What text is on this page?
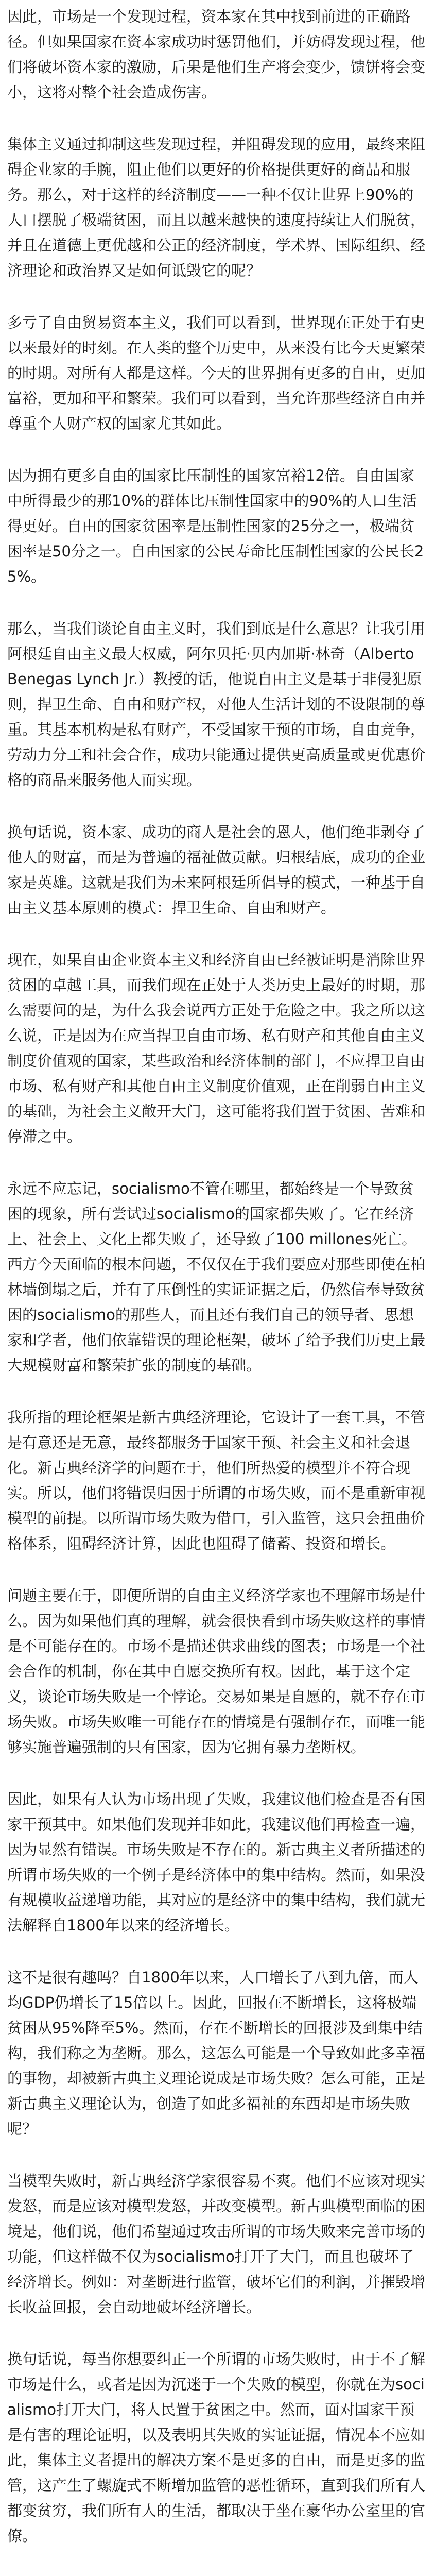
因此，市场是一个发现过程，资本家在其中找到前进的正确路径。但如果国家在资本家成功时惩罚他们，并妨碍发现过程，他们将破坏资本家的激励，后果是他们生产将会变少，馈饼将会变小，这将对整个社会造成伤害。

集体主义通过抑制这些发现过程，并阻碍发现的应用，最终来阻碍企业家的手腕，阻止他们以更好的价格提供更好的商品和服务。那么，对于这样的经济制度——一种不仅让世界上90%的人口摆脱了极端贫困，而且以越来越快的速度持续让人们脱贫，并且在道德上更优越和公正的经济制度，学术界、国际组织、经济理论和政治界又是如何诋毁它的呢？

多亏了自由贸易资本主义，我们可以看到，世界现在正处于有史以来最好的时刻。在人类的整个历史中，从来没有比今天更繁荣的时期。对所有人都是这样。今天的世界拥有更多的自由，更加富裕，更加和平和繁荣。我们可以看到，当允许那些经济自由并尊重个人财产权的国家尤其如此。

因为拥有更多自由的国家比压制性的国家富裕12倍。自由国家中所得最少的那10%的群体比压制性国家中的90%的人口生活得更好。自由的国家贫困率是压制性国家的25分之一，极端贫困率是50分之一。自由国家的公民寿命比压制性国家的公民长25%。

那么，当我们谈论自由主义时，我们到底是什么意思？让我引用阿根廷自由主义最大权威，阿尔贝托·贝内加斯·林奇（Alberto Benegas Lynch Jr.）教授的话，他说自由主义是基于非侵犯原则，捍卫生命、自由和财产权，对他人生活计划的不设限制的尊重。其基本机构是私有财产，不受国家干预的市场，自由竞争，劳动力分工和社会合作，成功只能通过提供更高质量或更优惠价格的商品来服务他人而实现。

换句话说，资本家、成功的商人是社会的恩人，他们绝非剥夺了他人的财富，而是为普遍的福祉做贡献。归根结底，成功的企业家是英雄。这就是我们为未来阿根廷所倡导的模式，一种基于自由主义基本原则的模式：捍卫生命、自由和财产。

现在，如果自由企业资本主义和经济自由已经被证明是消除世界贫困的卓越工具，而我们现在正处于人类历史上最好的时期，那么需要问的是，为什么我会说西方正处于危险之中。我之所以这么说，正是因为在应当捍卫自由市场、私有财产和其他自由主义制度价值观的国家，某些政治和经济体制的部门，不应捍卫自由市场、私有财产和其他自由主义制度价值观，正在削弱自由主义的基础，为社会主义敞开大门，这可能将我们置于贫困、苦难和停滞之中。

永远不应忘记，socialismo不管在哪里，都始终是一个导致贫困的现象，所有尝试过socialismo的国家都失败了。它在经济上、社会上、文化上都失败了，还导致了100 millones死亡。西方今天面临的根本问题，不仅仅在于我们要应对那些即使在柏林墙倒塌之后，并有了压倒性的实证证据之后，仍然信奉导致贫困的socialismo的那些人，而且还有我们自己的领导者、思想家和学者，他们依靠错误的理论框架，破坏了给予我们历史上最大规模财富和繁荣扩张的制度的基础。

我所指的理论框架是新古典经济理论，它设计了一套工具，不管是有意还是无意，最终都服务于国家干预、社会主义和社会退化。新古典经济学的问题在于，他们所热爱的模型并不符合现实。所以，他们将错误归因于所谓的市场失败，而不是重新审视模型的前提。以所谓市场失败为借口，引入监管，这只会扭曲价格体系，阻碍经济计算，因此也阻碍了储蓄、投资和增长。

问题主要在于，即便所谓的自由主义经济学家也不理解市场是什么。因为如果他们真的理解，就会很快看到市场失败这样的事情是不可能存在的。市场不是描述供求曲线的图表；市场是一个社会合作的机制，你在其中自愿交换所有权。因此，基于这个定义，谈论市场失败是一个悖论。交易如果是自愿的，就不存在市场失败。市场失败唯一可能存在的情境是有强制存在，而唯一能够实施普遍强制的只有国家，因为它拥有暴力垄断权。

因此，如果有人认为市场出现了失败，我建议他们检查是否有国家干预其中。如果他们发现并非如此，我建议他们再检查一遍，因为显然有错误。市场失败是不存在的。新古典主义者所描述的所谓市场失败的一个例子是经济体中的集中结构。然而，如果没有规模收益递增功能，其对应的是经济中的集中结构，我们就无法解释自1800年以来的经济增长。

这不是很有趣吗？自1800年以来，人口增长了八到九倍，而人均GDP仍增长了15倍以上。因此，回报在不断增长，这将极端贫困从95%降至5%。然而，存在不断增长的回报涉及到集中结构，我们称之为垄断。那么，这怎么可能是一个导致如此多幸福的事物，却被新古典主义理论说成是市场失败？怎么可能，正是新古典主义理论认为，创造了如此多福祉的东西却是市场失败呢？

当模型失败时，新古典经济学家很容易不爽。他们不应该对现实发怒，而是应该对模型发怒，并改变模型。新古典模型面临的困境是，他们说，他们希望通过攻击所谓的市场失败来完善市场的功能，但这样做不仅为socialismo打开了大门，而且也破坏了经济增长。例如：对垄断进行监管，破坏它们的利润，并摧毁增长收益回报，会自动地破坏经济增长。

换句话说，每当你想要纠正一个所谓的市场失败时，由于不了解市场是什么，或者是因为沉迷于一个失败的模型，你就在为socialismo打开大门，将人民置于贫困之中。然而，面对国家干预是有害的理论证明，以及表明其失败的实证证据，情况本不应如此，集体主义者提出的解决方案不是更多的自由，而是更多的监管，这产生了螺旋式不断增加监管的恶性循环，直到我们所有人都变贫穷，我们所有人的生活，都取决于坐在豪华办公室里的官僚。
